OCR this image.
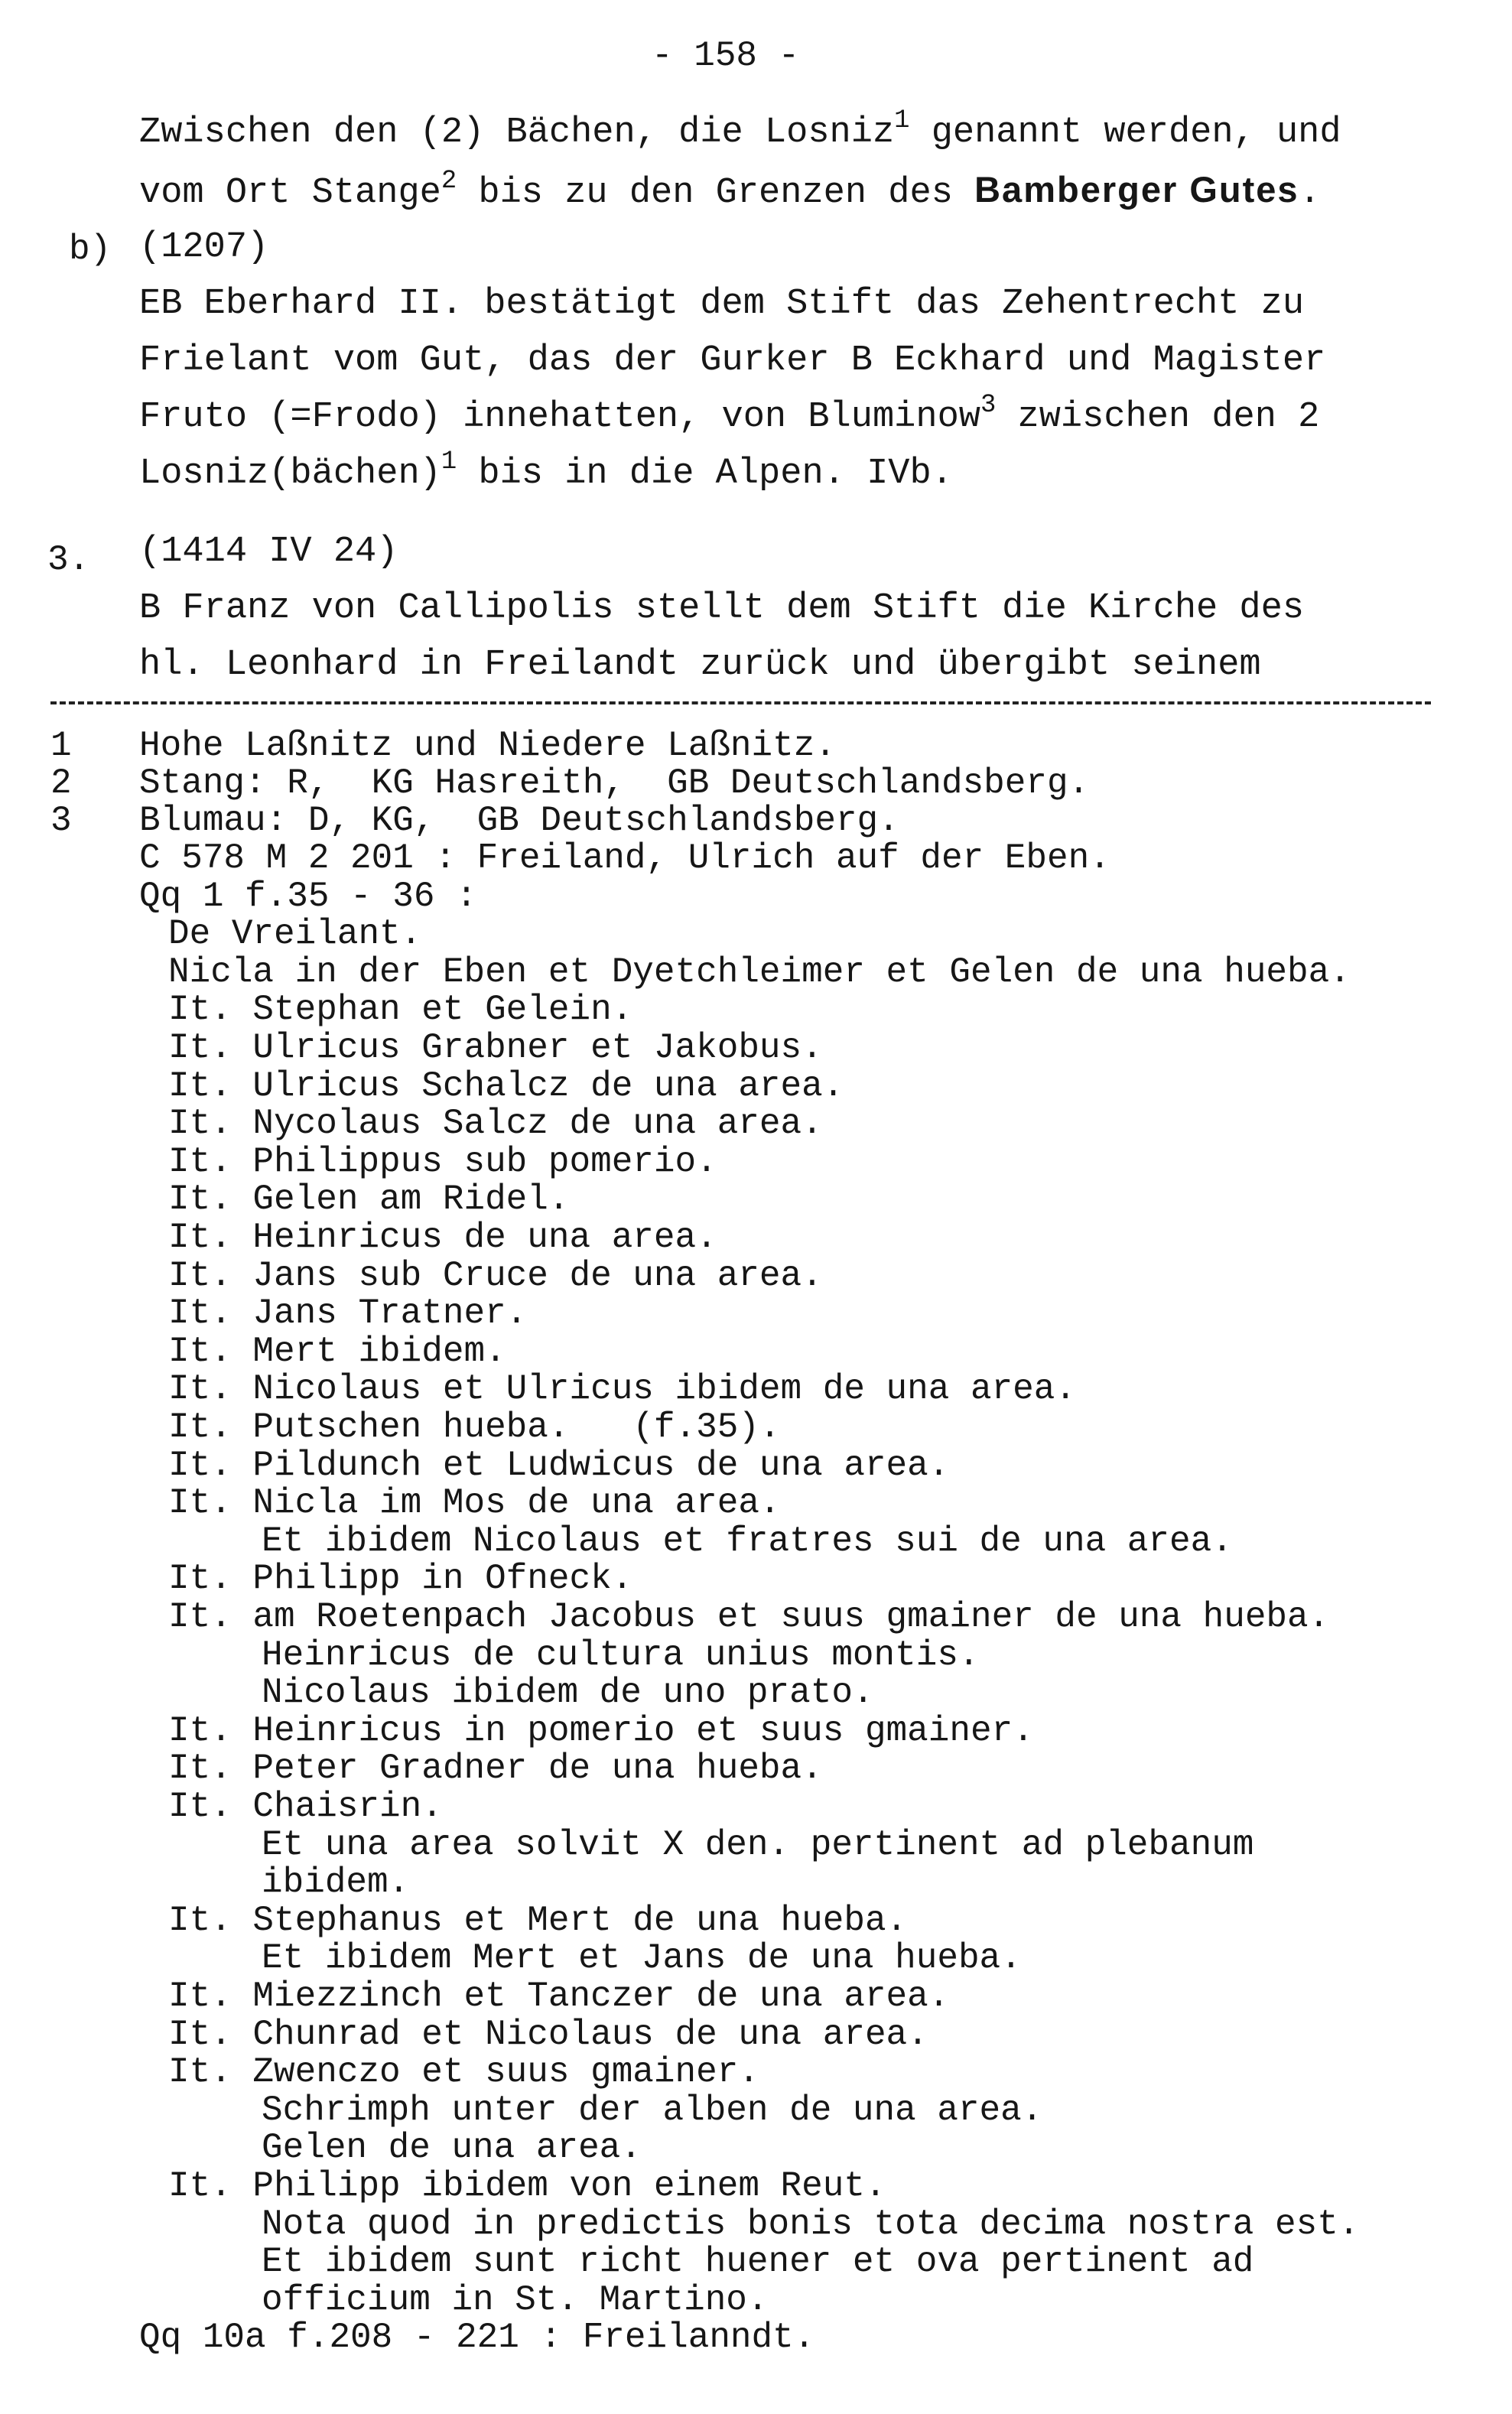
- 158 -
Zwischen den (2) Bächen, die Losniz$^1$ genannt werden, und
vom Ort Stange$^2$ bis zu den Grenzen des Bamberger Gutes.
b) (1207)
EB Eberhard II. bestätigt dem Stift das Zehentrecht zu
Frielant vom Gut, das der Gurker B Eckhard und Magister
Fruto (=Frodo) innehatten, von Bluminow$^3$ zwischen den 2
Losniz(bächen)$^1$ bis in die Alpen. IVb.
3. (1414 IV 24)
B Franz von Callipolis stellt dem Stift die Kirche des
hl. Leonhard in Freilandt zurück und übergibt seinem
1 Hohe Laßnitz und Niedere Laßnitz.
2 Stang: R,  KG Hasreith,  GB Deutschlandsberg.
3 Blumau: D, KG,  GB Deutschlandsberg.
C 578 M 2 201 : Freiland, Ulrich auf der Eben.
Qq 1 f.35 - 36 :
De Vreilant.
Nicla in der Eben et Dyetchleimer et Gelen de una hueba.
It. Stephan et Gelein.
It. Ulricus Grabner et Jakobus.
It. Ulricus Schalcz de una area.
It. Nycolaus Salcz de una area.
It. Philippus sub pomerio.
It. Gelen am Ridel.
It. Heinricus de una area.
It. Jans sub Cruce de una area.
It. Jans Tratner.
It. Mert ibidem.
It. Nicolaus et Ulricus ibidem de una area.
It. Putschen hueba.   (f.35).
It. Pildunch et Ludwicus de una area.
It. Nicla im Mos de una area.
Et ibidem Nicolaus et fratres sui de una area.
It. Philipp in Ofneck.
It. am Roetenpach Jacobus et suus gmainer de una hueba.
Heinricus de cultura unius montis.
Nicolaus ibidem de uno prato.
It. Heinricus in pomerio et suus gmainer.
It. Peter Gradner de una hueba.
It. Chaisrin.
Et una area solvit X den. pertinent ad plebanum
ibidem.
It. Stephanus et Mert de una hueba.
Et ibidem Mert et Jans de una hueba.
It. Miezzinch et Tanczer de una area.
It. Chunrad et Nicolaus de una area.
It. Zwenczo et suus gmainer.
Schrimph unter der alben de una area.
Gelen de una area.
It. Philipp ibidem von einem Reut.
Nota quod in predictis bonis tota decima nostra est.
Et ibidem sunt richt huener et ova pertinent ad
officium in St. Martino.
Qq 10a f.208 - 221 : Freilanndt.
